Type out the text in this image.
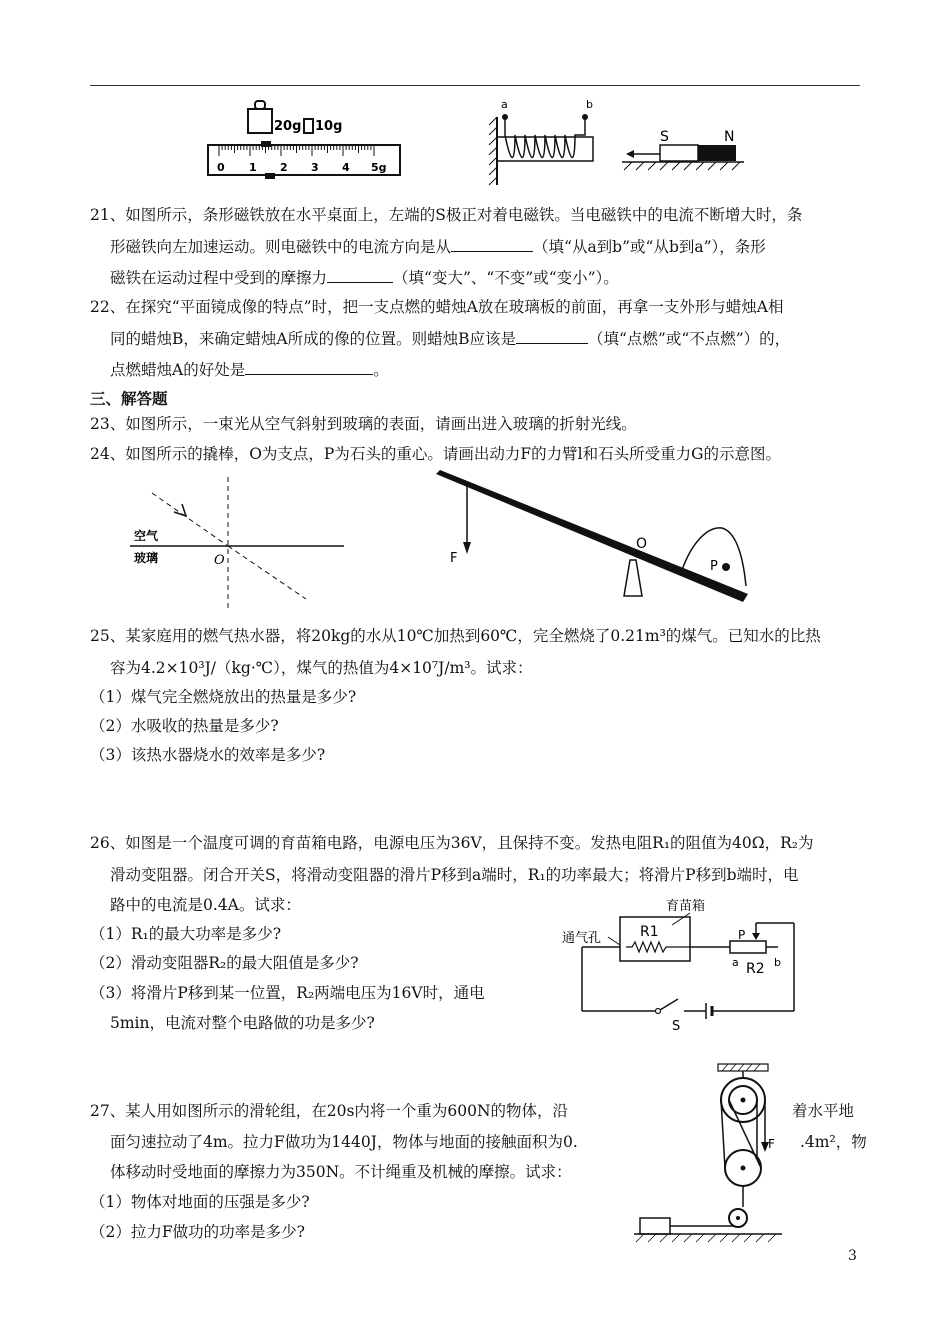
20g 10g
0 1 2 3 4 5g
a	b
S	N
21、如图所示，条形磁铁放在水平桌面上，左端的S极正对着电磁铁。当电磁铁中的电流不断增大时，条
形磁铁向左加速运动。则电磁铁中的电流方向是从	（填“从a到b”或“从b到a”），条形
磁铁在运动过程中受到的摩擦力	（填“变大”、“不变”或“变小”）。
22、在探究“平面镜成像的特点”时，把一支点燃的蜡烛A放在玻璃板的前面，再拿一支外形与蜡烛A相
同的蜡烛B，来确定蜡烛A所成的像的位置。则蜡烛B应该是	（填“点燃”或“不点燃”）的，
点燃蜡烛A的好处是	。
三、解答题
23、如图所示，一束光从空气斜射到玻璃的表面，请画出进入玻璃的折射光线。
24、如图所示的撬棒，O为支点，P为石头的重心。请画出动力F的力臂l和石头所受重力G的示意图。
空气
玻璃	O	F
O
P
25、某家庭用的燃气热水器，将20kg的水从10℃加热到60℃，完全燃烧了0.21m³的煤气。已知水的比热
容为4.2×10³J/（kg·℃），煤气的热值为4×10⁷J/m³。试求：
（1）煤气完全燃烧放出的热量是多少?
（2）水吸收的热量是多少?
（3）该热水器烧水的效率是多少?
26、如图是一个温度可调的育苗箱电路，电源电压为36V，且保持不变。发热电阻R₁的阻值为40Ω，R₂为
滑动变阻器。闭合开关S，将滑动变阻器的滑片P移到a端时，R₁的功率最大；将滑片P移到b端时，电
路中的电流是0.4A。试求：
（1）R₁的最大功率是多少?
（2）滑动变阻器R₂的最大阻值是多少?
（3）将滑片P移到某一位置，R₂两端电压为16V时，通电
5min，电流对整个电路做的功是多少?
育苗箱
通气孔	R1	P
a	b
R2
S
27、某人用如图所示的滑轮组，在20s内将一个重为600N的物体，沿	着水平地
面匀速拉动了4m。拉力F做功为1440J，物体与地面的接触面积为0.	.4m²，物
体移动时受地面的摩擦力为350N。不计绳重及机械的摩擦。试求：
（1）物体对地面的压强是多少?
（2）拉力F做功的功率是多少?
F
3
